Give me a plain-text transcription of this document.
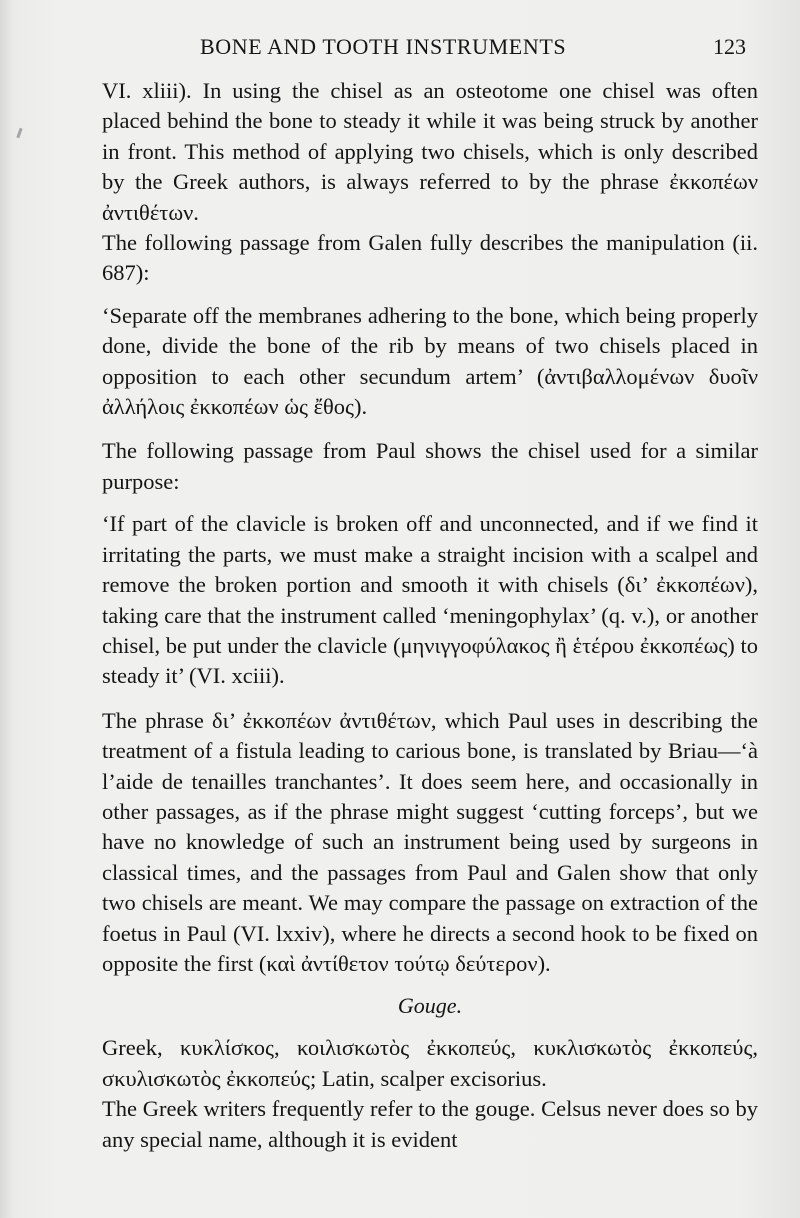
BONE AND TOOTH INSTRUMENTS	123

VI. xliii). In using the chisel as an osteotome one chisel was often placed behind the bone to steady it while it was being struck by another in front. This method of applying two chisels, which is only described by the Greek authors, is always referred to by the phrase ἐκκοπέων ἀντιθέτων.

The following passage from Galen fully describes the manipulation (ii. 687):

‘Separate off the membranes adhering to the bone, which being properly done, divide the bone of the rib by means of two chisels placed in opposition to each other secundum artem’ (ἀντιβαλλομένων δυοῖν ἀλλήλοις ἐκκοπέων ὡς ἔθος).

The following passage from Paul shows the chisel used for a similar purpose:

‘If part of the clavicle is broken off and unconnected, and if we find it irritating the parts, we must make a straight incision with a scalpel and remove the broken portion and smooth it with chisels (δι’ ἐκκοπέων), taking care that the instrument called ‘meningophylax’ (q. v.), or another chisel, be put under the clavicle (μηνιγγοφύλακος ἢ ἑτέρου ἐκκοπέως) to steady it’ (VI. xciii).

The phrase δι’ ἐκκοπέων ἀντιθέτων, which Paul uses in describing the treatment of a fistula leading to carious bone, is translated by Briau—‘à l’aide de tenailles tranchantes’. It does seem here, and occasionally in other passages, as if the phrase might suggest ‘cutting forceps’, but we have no knowledge of such an instrument being used by surgeons in classical times, and the passages from Paul and Galen show that only two chisels are meant. We may compare the passage on extraction of the foetus in Paul (VI. lxxiv), where he directs a second hook to be fixed on opposite the first (καὶ ἀντίθετον τούτῳ δεύτερον).

Gouge.

Greek, κυκλίσκος, κοιλισκωτὸς ἐκκοπεύς, κυκλισκωτὸς ἐκκοπεύς, σκυλισκωτὸς ἐκκοπεύς; Latin, scalper excisorius.

The Greek writers frequently refer to the gouge. Celsus never does so by any special name, although it is evident
